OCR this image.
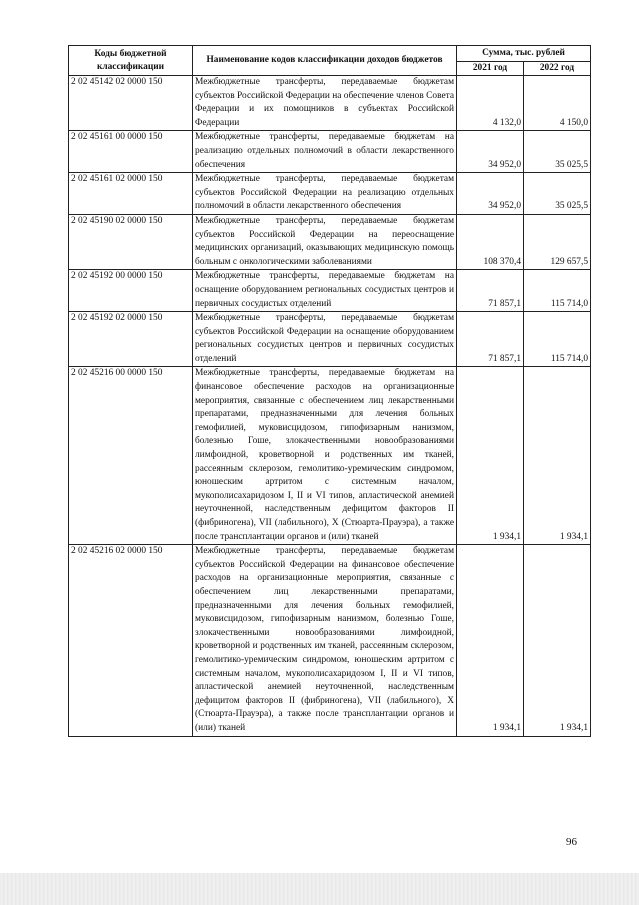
Коды бюджетной классификации	Наименование кодов классификации доходов бюджетов	Сумма, тыс. рублей	
		2021 год	2022 год
2 02 45142 02 0000 150	Межбюджетные трансферты, передаваемые бюджетам субъектов Российской Федерации на обеспечение членов Совета Федерации и их помощников в субъектах Российской Федерации	4 132,0	4 150,0
2 02 45161 00 0000 150	Межбюджетные трансферты, передаваемые бюджетам на реализацию отдельных полномочий в области лекарственного обеспечения	34 952,0	35 025,5
2 02 45161 02 0000 150	Межбюджетные трансферты, передаваемые бюджетам субъектов Российской Федерации на реализацию отдельных полномочий в области лекарственного обеспечения	34 952,0	35 025,5
2 02 45190 02 0000 150	Межбюджетные трансферты, передаваемые бюджетам субъектов Российской Федерации на переоснащение медицинских организаций, оказывающих медицинскую помощь больным с онкологическими заболеваниями	108 370,4	129 657,5
2 02 45192 00 0000 150	Межбюджетные трансферты, передаваемые бюджетам на оснащение оборудованием региональных сосудистых центров и первичных сосудистых отделений	71 857,1	115 714,0
2 02 45192 02 0000 150	Межбюджетные трансферты, передаваемые бюджетам субъектов Российской Федерации на оснащение оборудованием региональных сосудистых центров и первичных сосудистых отделений	71 857,1	115 714,0
2 02 45216 00 0000 150	Межбюджетные трансферты, передаваемые бюджетам на финансовое обеспечение расходов на организационные мероприятия, связанные с обеспечением лиц лекарственными препаратами, предназначенными для лечения больных гемофилией, муковисцидозом, гипофизарным нанизмом, болезнью Гоше, злокачественными новообразованиями лимфоидной, кроветворной и родственных им тканей, рассеянным склерозом, гемолитико-уремическим синдромом, юношеским артритом с системным началом, мукополисахаридозом I, II и VI типов, апластической анемией неуточненной, наследственным дефицитом факторов II (фибриногена), VII (лабильного), X (Стюарта-Прауэра), а также после трансплантации органов и (или) тканей	1 934,1	1 934,1
2 02 45216 02 0000 150	Межбюджетные трансферты, передаваемые бюджетам субъектов Российской Федерации на финансовое обеспечение расходов на организационные мероприятия, связанные с обеспечением лиц лекарственными препаратами, предназначенными для лечения больных гемофилией, муковисцидозом, гипофизарным нанизмом, болезнью Гоше, злокачественными новообразованиями лимфоидной, кроветворной и родственных им тканей, рассеянным склерозом, гемолитико-уремическим синдромом, юношеским артритом с системным началом, мукополисахаридозом I, II и VI типов, апластической анемией неуточненной, наследственным дефицитом факторов II (фибриногена), VII (лабильного), X (Стюарта-Прауэра), а также после трансплантации органов и (или) тканей	1 934,1	1 934,1
96
